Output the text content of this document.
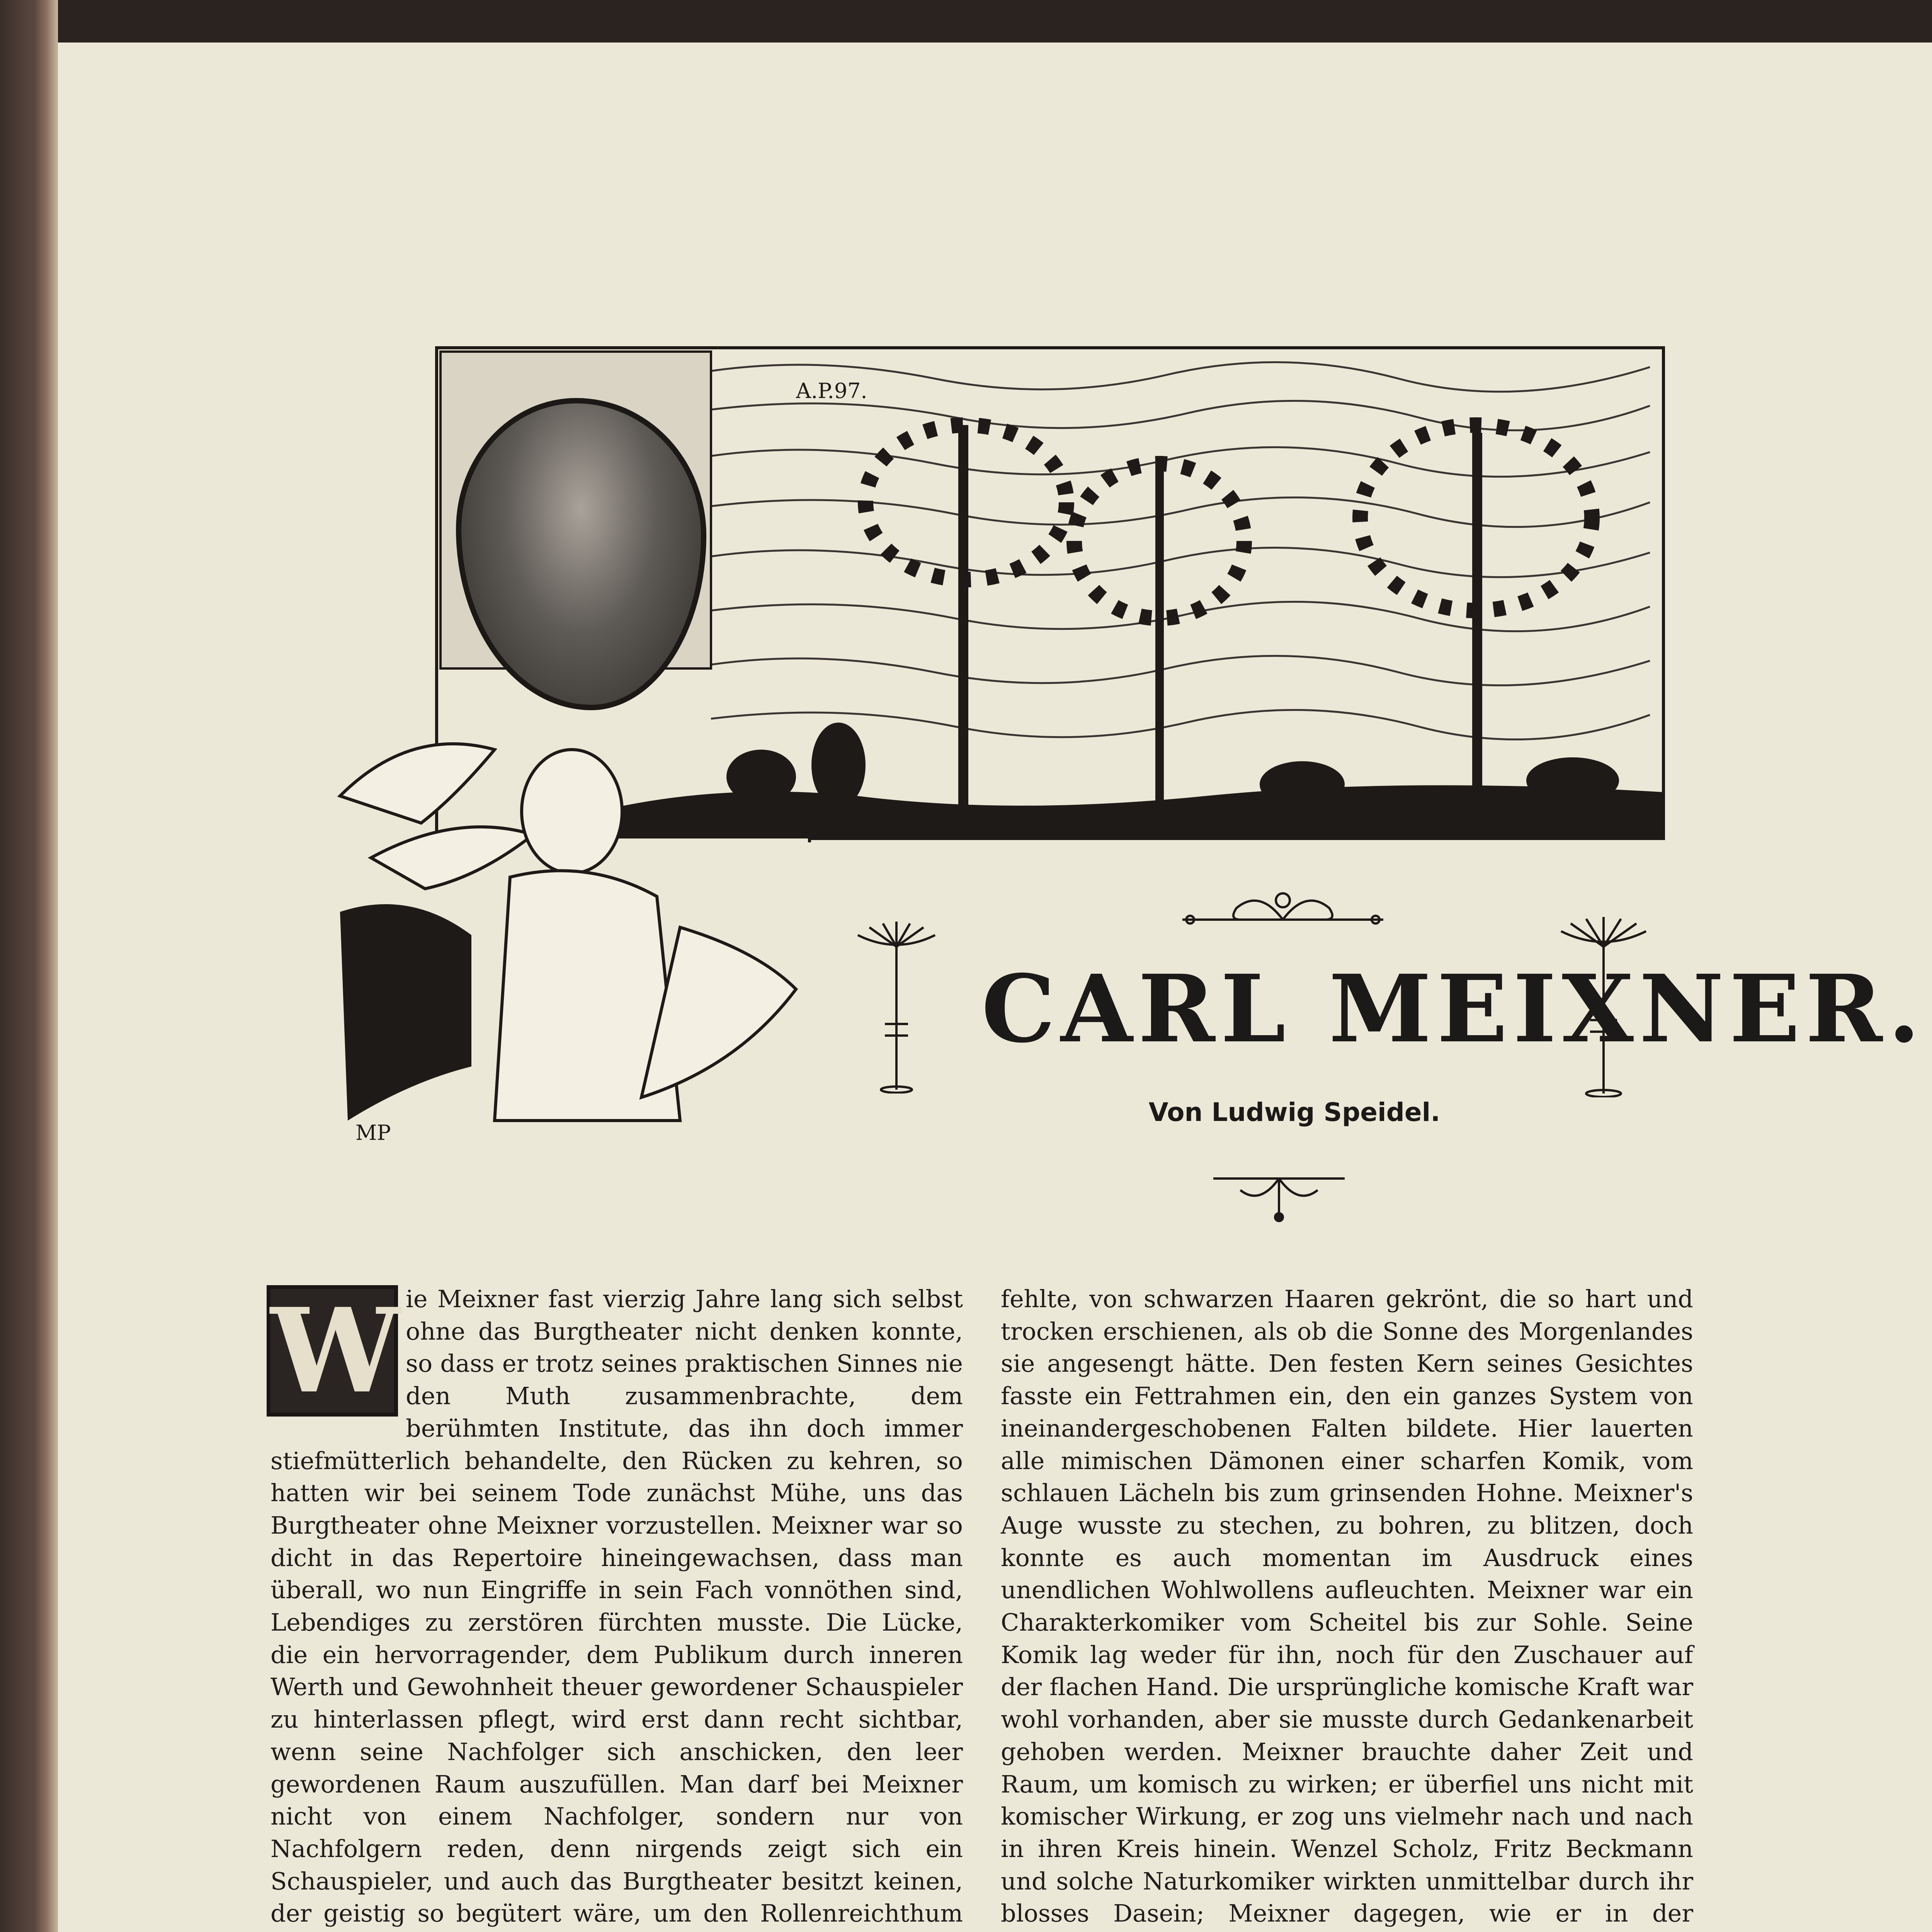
A.P.97.
MP
CARL MEIXNER.
Von Ludwig Speidel.
W ie Meixner fast vierzig Jahre lang sich selbst ohne das Burgtheater nicht denken konnte, so dass er trotz seines praktischen Sinnes nie den Muth zusammenbrachte, dem berühmten Institute, das ihn doch immer stiefmütterlich behandelte, den Rücken zu kehren, so hatten wir bei seinem Tode zunächst Mühe, uns das Burgtheater ohne Meixner vorzustellen. Meixner war so dicht in das Repertoire hineingewachsen, dass man überall, wo nun Eingriffe in sein Fach vonnöthen sind, Lebendiges zu zerstören fürchten musste. Die Lücke, die ein hervorragender, dem Publikum durch inneren Werth und Gewohnheit theuer gewordener Schauspieler zu hinterlassen pflegt, wird erst dann recht sichtbar, wenn seine Nachfolger sich anschicken, den leer gewordenen Raum auszufüllen. Man darf bei Meixner nicht von einem Nachfolger, sondern nur von Nachfolgern reden, denn nirgends zeigt sich ein Schauspieler, und auch das Burgtheater besitzt keinen, der geistig so begütert wäre, um den Rollenreichthum

fehlte, von schwarzen Haaren gekrönt, die so hart und trocken erschienen, als ob die Sonne des Morgenlandes sie angesengt hätte. Den festen Kern seines Gesichtes fasste ein Fettrahmen ein, den ein ganzes System von ineinandergeschobenen Falten bildete. Hier lauerten alle mimischen Dämonen einer scharfen Komik, vom schlauen Lächeln bis zum grinsenden Hohne. Meixner's Auge wusste zu stechen, zu bohren, zu blitzen, doch konnte es auch momentan im Ausdruck eines unendlichen Wohlwollens aufleuchten. Meixner war ein Charakterkomiker vom Scheitel bis zur Sohle. Seine Komik lag weder für ihn, noch für den Zuschauer auf der flachen Hand. Die ursprüngliche komische Kraft war wohl vorhanden, aber sie musste durch Gedankenarbeit gehoben werden. Meixner brauchte daher Zeit und Raum, um komisch zu wirken; er überfiel uns nicht mit komischer Wirkung, er zog uns vielmehr nach und nach in ihren Kreis hinein. Wenzel Scholz, Fritz Beckmann und solche Naturkomiker wirkten unmittelbar durch ihr blosses Dasein; Meixner dagegen, wie er in der
